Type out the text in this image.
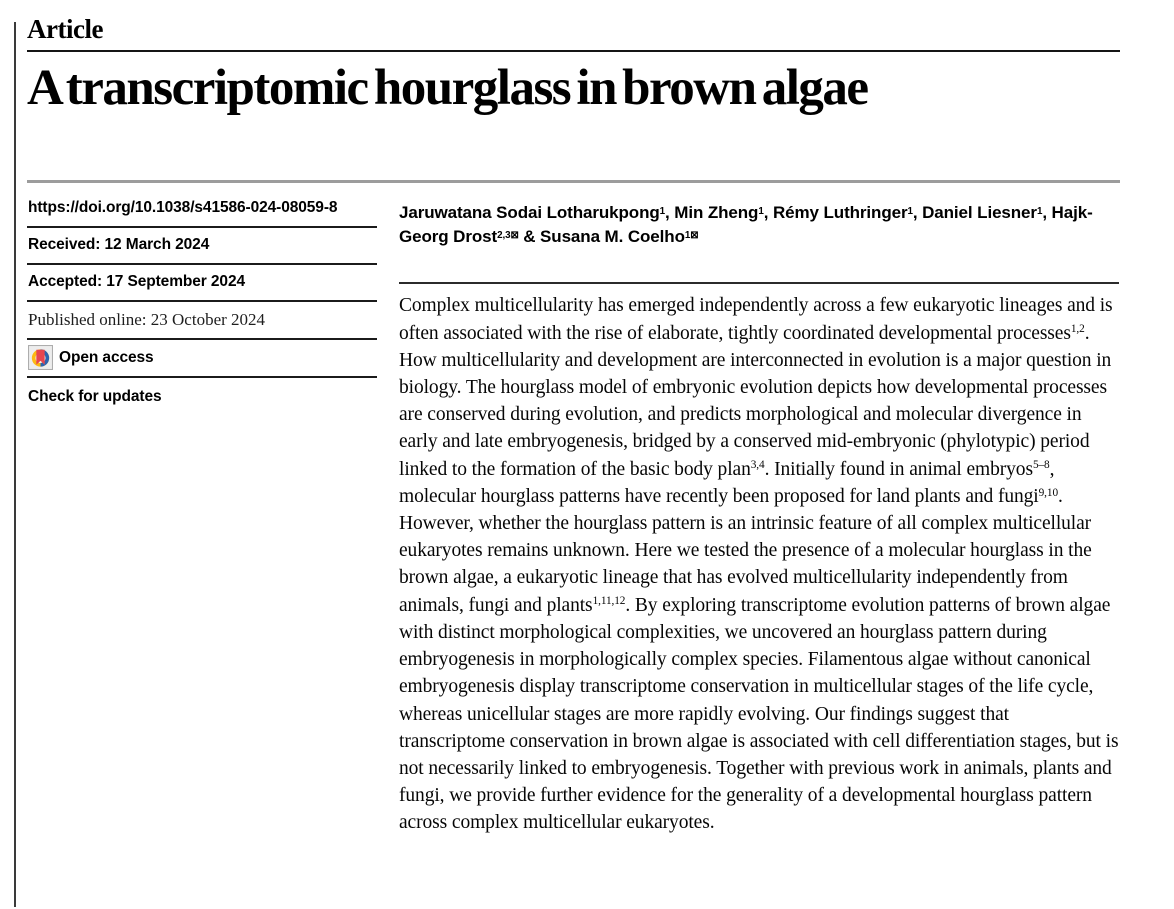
Article
A transcriptomic hourglass in brown algae
https://doi.org/10.1038/s41586-024-08059-8
Received: 12 March 2024
Accepted: 17 September 2024
Published online: 23 October 2024
Open access
Check for updates

Jaruwatana Sodai Lotharukpong$^1$, Min Zheng$^1$, Rémy Luthringer$^1$, Daniel Liesner$^1$, Hajk-Georg Drost$^{2,3⊠}$ & Susana M. Coelho$^{1⊠}$

Complex multicellularity has emerged independently across a few eukaryotic lineages and is often associated with the rise of elaborate, tightly coordinated developmental processes$^{1,2}$. How multicellularity and development are interconnected in evolution is a major question in biology. The hourglass model of embryonic evolution depicts how developmental processes are conserved during evolution, and predicts morphological and molecular divergence in early and late embryogenesis, bridged by a conserved mid-embryonic (phylotypic) period linked to the formation of the basic body plan$^{3,4}$. Initially found in animal embryos$^{5-8}$, molecular hourglass patterns have recently been proposed for land plants and fungi$^{9,10}$. However, whether the hourglass pattern is an intrinsic feature of all complex multicellular eukaryotes remains unknown. Here we tested the presence of a molecular hourglass in the brown algae, a eukaryotic lineage that has evolved multicellularity independently from animals, fungi and plants$^{1,11,12}$. By exploring transcriptome evolution patterns of brown algae with distinct morphological complexities, we uncovered an hourglass pattern during embryogenesis in morphologically complex species. Filamentous algae without canonical embryogenesis display transcriptome conservation in multicellular stages of the life cycle, whereas unicellular stages are more rapidly evolving. Our findings suggest that transcriptome conservation in brown algae is associated with cell differentiation stages, but is not necessarily linked to embryogenesis. Together with previous work in animals, plants and fungi, we provide further evidence for the generality of a developmental hourglass pattern across complex multicellular eukaryotes.
